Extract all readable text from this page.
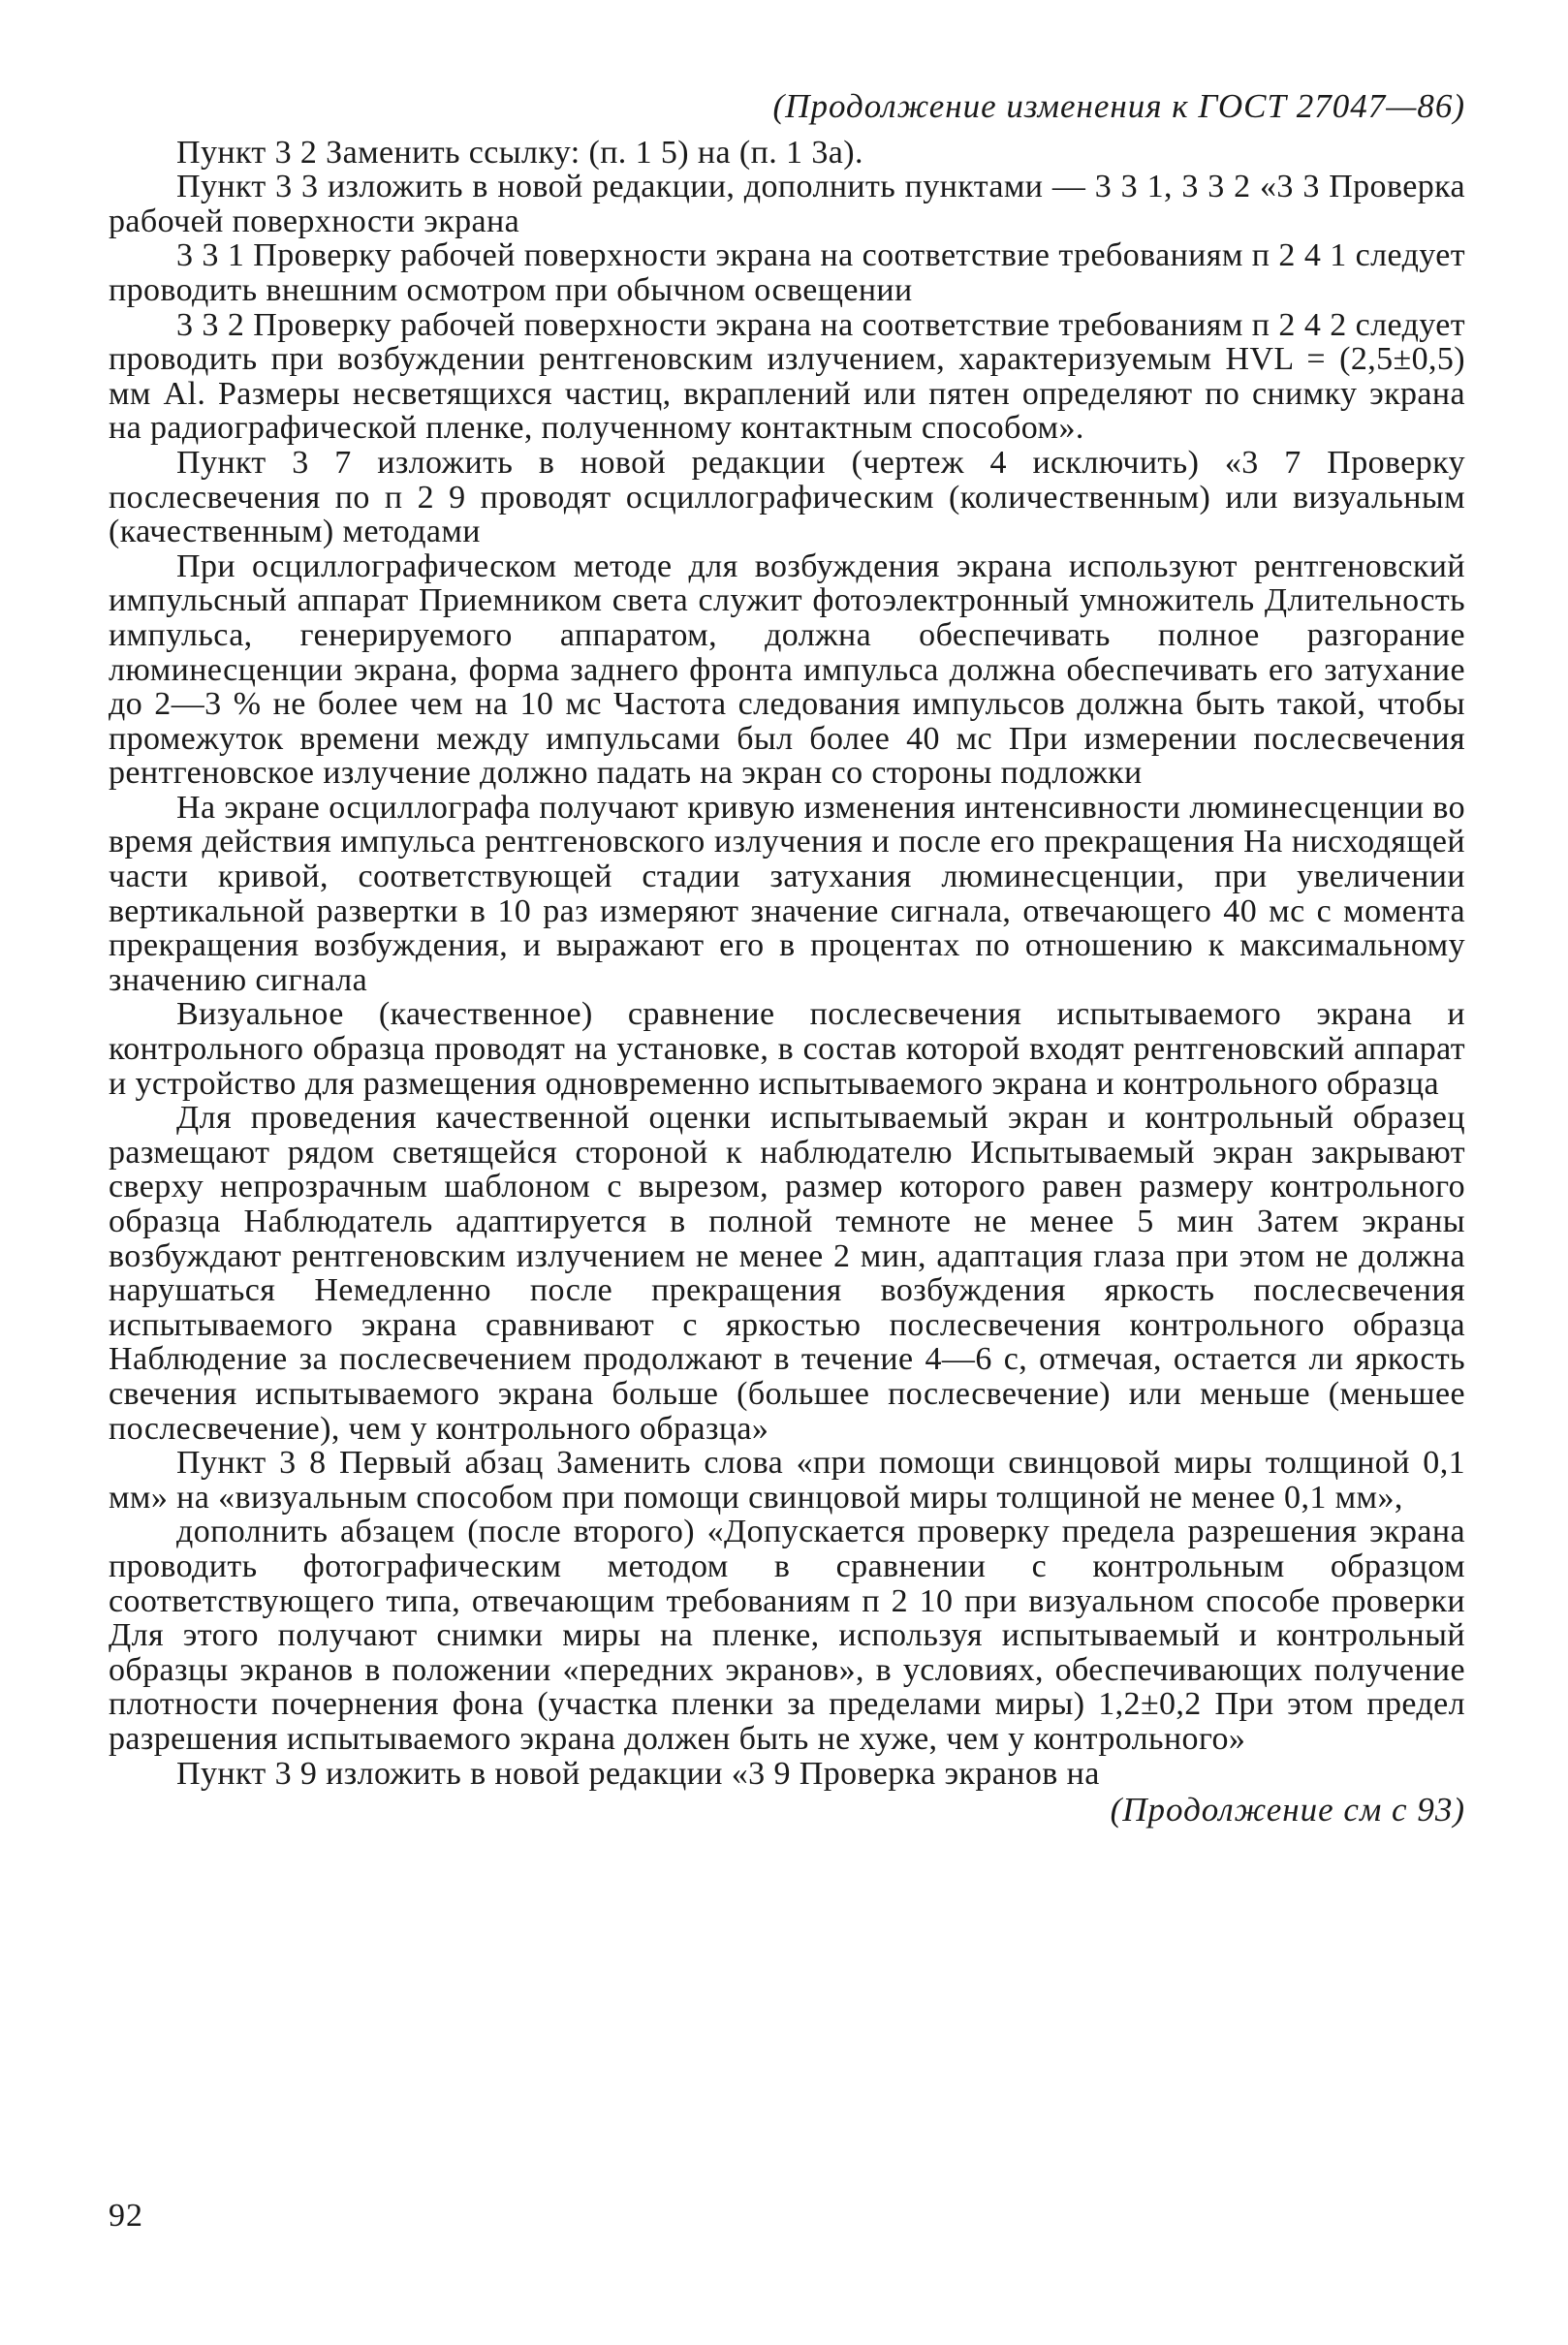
(Продолжение изменения к ГОСТ 27047—86)

Пункт 3 2 Заменить ссылку: (п. 1 5) на (п. 1 3а).

Пункт 3 3 изложить в новой редакции, дополнить пунктами — 3 3 1, 3 3 2 «3 3 Проверка рабочей поверхности экрана

3 3 1 Проверку рабочей поверхности экрана на соответствие требованиям п 2 4 1 следует проводить внешним осмотром при обычном освещении

3 3 2 Проверку рабочей поверхности экрана на соответствие требованиям п 2 4 2 следует проводить при возбуждении рентгеновским излучением, характеризуемым HVL = (2,5±0,5) мм Al. Размеры несветящихся частиц, вкраплений или пятен определяют по снимку экрана на радиографической пленке, полученному контактным способом».

Пункт 3 7 изложить в новой редакции (чертеж 4 исключить) «3 7 Проверку послесвечения по п 2 9 проводят осциллографическим (количественным) или визуальным (качественным) методами

При осциллографическом методе для возбуждения экрана используют рентгеновский импульсный аппарат Приемником света служит фотоэлектронный умножитель Длительность импульса, генерируемого аппаратом, должна обеспечивать полное разгорание люминесценции экрана, форма заднего фронта импульса должна обеспечивать его затухание до 2—3 % не более чем на 10 мс Частота следования импульсов должна быть такой, чтобы промежуток времени между импульсами был более 40 мс При измерении послесвечения рентгеновское излучение должно падать на экран со стороны подложки

На экране осциллографа получают кривую изменения интенсивности люминесценции во время действия импульса рентгеновского излучения и после его прекращения На нисходящей части кривой, соответствующей стадии затухания люминесценции, при увеличении вертикальной развертки в 10 раз измеряют значение сигнала, отвечающего 40 мс с момента прекращения возбуждения, и выражают его в процентах по отношению к максимальному значению сигнала

Визуальное (качественное) сравнение послесвечения испытываемого экрана и контрольного образца проводят на установке, в состав которой входят рентгеновский аппарат и устройство для размещения одновременно испытываемого экрана и контрольного образца

Для проведения качественной оценки испытываемый экран и контрольный образец размещают рядом светящейся стороной к наблюдателю Испытываемый экран закрывают сверху непрозрачным шаблоном с вырезом, размер которого равен размеру контрольного образца Наблюдатель адаптируется в полной темноте не менее 5 мин Затем экраны возбуждают рентгеновским излучением не менее 2 мин, адаптация глаза при этом не должна нарушаться Немедленно после прекращения возбуждения яркость послесвечения испытываемого экрана сравнивают с яркостью послесвечения контрольного образца Наблюдение за послесвечением продолжают в течение 4—6 с, отмечая, остается ли яркость свечения испытываемого экрана больше (большее послесвечение) или меньше (меньшее послесвечение), чем у контрольного образца»

Пункт 3 8 Первый абзац Заменить слова «при помощи свинцовой миры толщиной 0,1 мм» на «визуальным способом при помощи свинцовой миры толщиной не менее 0,1 мм»,

дополнить абзацем (после второго) «Допускается проверку предела разрешения экрана проводить фотографическим методом в сравнении с контрольным образцом соответствующего типа, отвечающим требованиям п 2 10 при визуальном способе проверки Для этого получают снимки миры на пленке, используя испытываемый и контрольный образцы экранов в положении «передних экранов», в условиях, обеспечивающих получение плотности почернения фона (участка пленки за пределами миры) 1,2±0,2 При этом предел разрешения испытываемого экрана должен быть не хуже, чем у контрольного»

Пункт 3 9 изложить в новой редакции «3 9 Проверка экранов на

(Продолжение см с 93)
92
